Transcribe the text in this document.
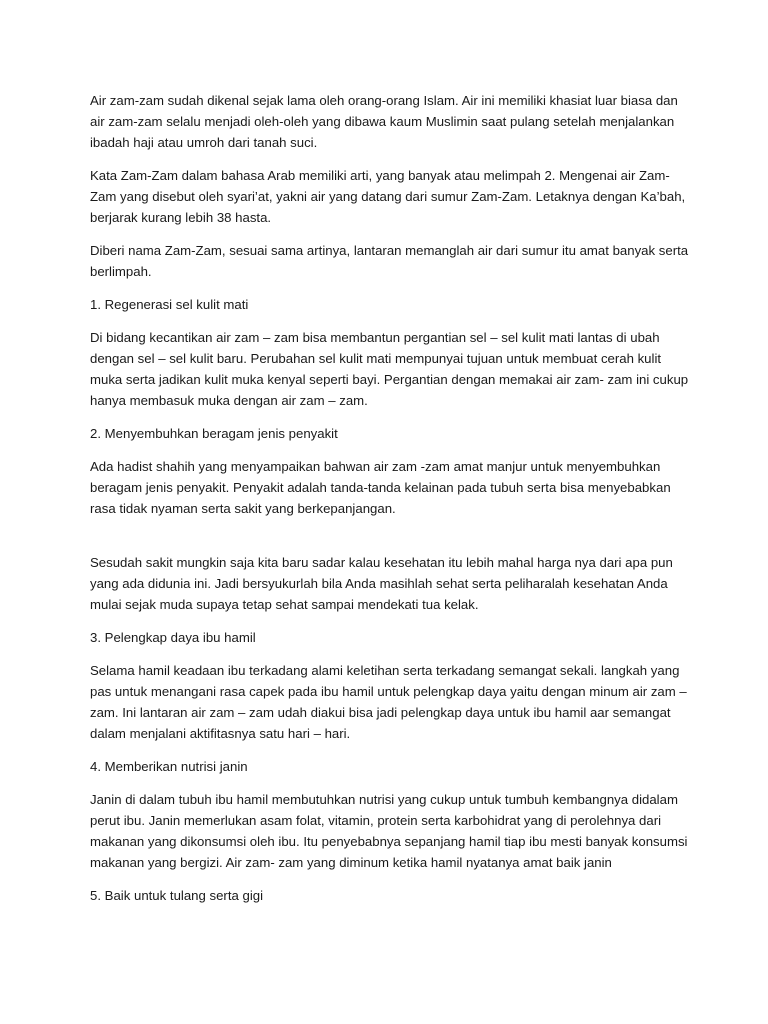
Air zam-zam sudah dikenal sejak lama oleh orang-orang Islam. Air ini memiliki khasiat luar biasa dan air zam-zam selalu menjadi oleh-oleh yang dibawa kaum Muslimin saat pulang setelah menjalankan ibadah haji atau umroh dari tanah suci.

Kata Zam-Zam dalam bahasa Arab memiliki arti, yang banyak atau melimpah 2. Mengenai air Zam-Zam yang disebut oleh syari’at, yakni air yang datang dari sumur Zam-Zam. Letaknya dengan Ka’bah, berjarak kurang lebih 38 hasta.

Diberi nama Zam-Zam, sesuai sama artinya, lantaran memanglah air dari sumur itu amat banyak serta berlimpah.

1. Regenerasi sel kulit mati

Di bidang kecantikan air zam – zam bisa membantun pergantian sel – sel kulit mati lantas di ubah dengan sel – sel kulit baru. Perubahan sel kulit mati mempunyai tujuan untuk membuat cerah kulit muka serta jadikan kulit muka kenyal seperti bayi. Pergantian dengan memakai air zam- zam ini cukup hanya membasuk muka dengan air zam – zam.

2. Menyembuhkan beragam jenis penyakit

Ada hadist shahih yang menyampaikan bahwan air zam -zam amat manjur untuk menyembuhkan beragam jenis penyakit. Penyakit adalah tanda-tanda kelainan pada tubuh serta bisa menyebabkan rasa tidak nyaman serta sakit yang berkepanjangan.

Sesudah sakit mungkin saja kita baru sadar kalau kesehatan itu lebih mahal harga nya dari apa pun yang ada didunia ini. Jadi bersyukurlah bila Anda masihlah sehat serta peliharalah kesehatan Anda mulai sejak muda supaya tetap sehat sampai mendekati tua kelak.

3. Pelengkap daya ibu hamil

Selama hamil keadaan ibu terkadang alami keletihan serta terkadang semangat sekali. langkah yang pas untuk menangani rasa capek pada ibu hamil untuk pelengkap daya yaitu dengan minum air zam – zam. Ini lantaran air zam – zam udah diakui bisa jadi pelengkap daya untuk ibu hamil aar semangat dalam menjalani aktifitasnya satu hari – hari.

4. Memberikan nutrisi janin

Janin di dalam tubuh ibu hamil membutuhkan nutrisi yang cukup untuk tumbuh kembangnya didalam perut ibu. Janin memerlukan asam folat, vitamin, protein serta karbohidrat yang di perolehnya dari makanan yang dikonsumsi oleh ibu. Itu penyebabnya sepanjang hamil tiap ibu mesti banyak konsumsi makanan yang bergizi. Air zam- zam yang diminum ketika hamil nyatanya amat baik janin

5. Baik untuk tulang serta gigi
